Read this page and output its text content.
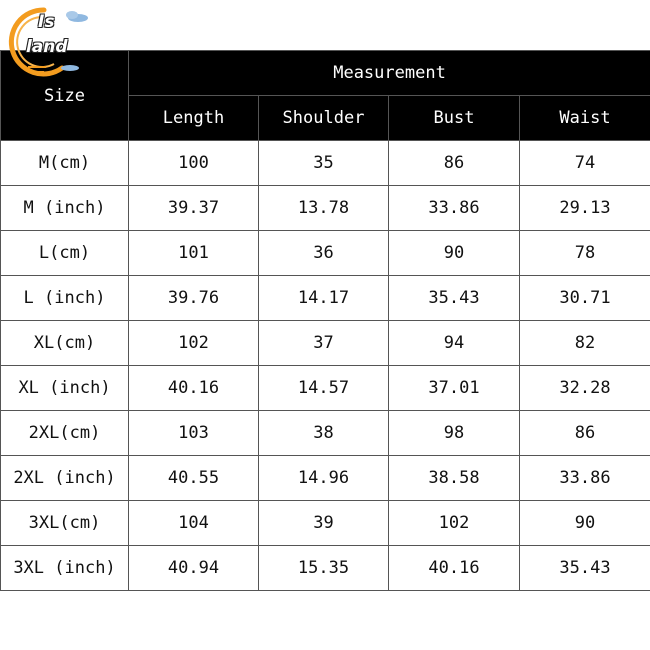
Is
land
Size	Measurement			
	Length	Shoulder	Bust	Waist
M(cm)	100	35	86	74
M (inch)	39.37	13.78	33.86	29.13
L(cm)	101	36	90	78
L (inch)	39.76	14.17	35.43	30.71
XL(cm)	102	37	94	82
XL (inch)	40.16	14.57	37.01	32.28
2XL(cm)	103	38	98	86
2XL (inch)	40.55	14.96	38.58	33.86
3XL(cm)	104	39	102	90
3XL (inch)	40.94	15.35	40.16	35.43
